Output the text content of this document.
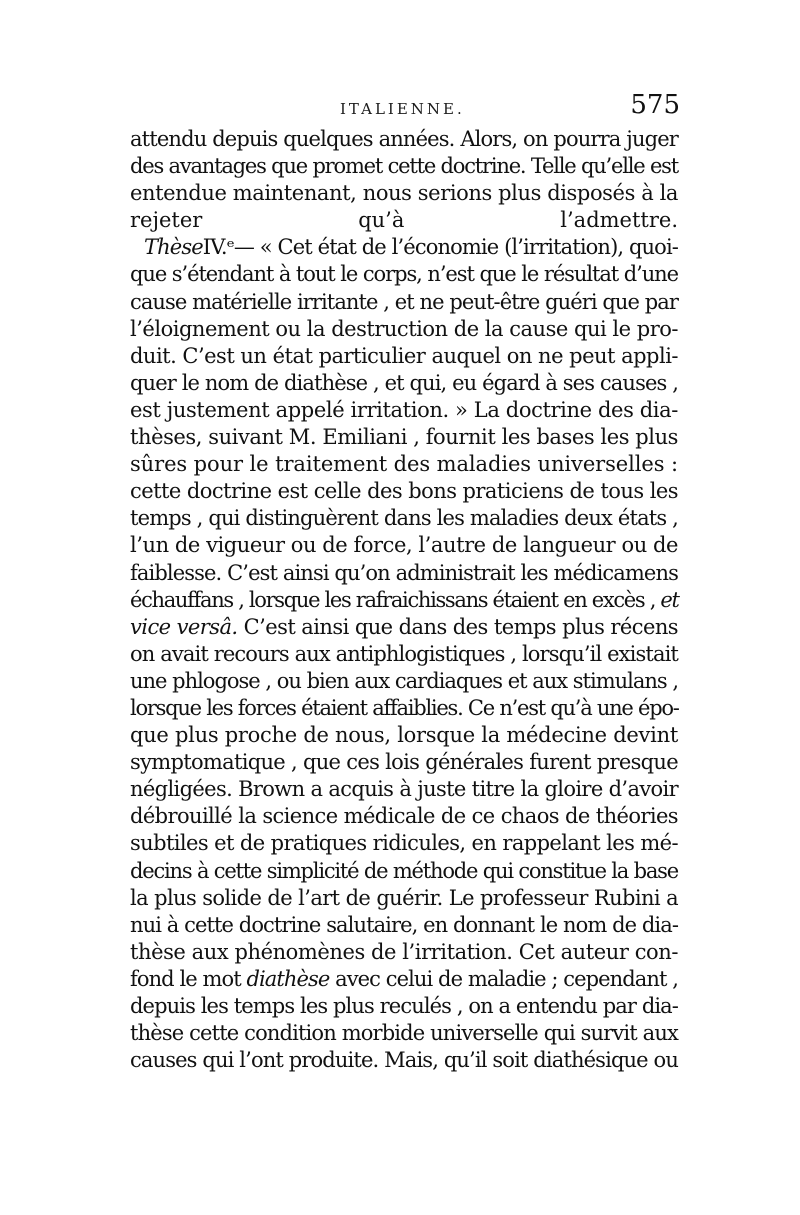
ITALIENNE.	575
attendu depuis quelques années. Alors, on pourra juger
des avantages que promet cette doctrine. Telle qu’elle est
entendue maintenant, nous serions plus disposés à la
rejeter qu’à l’admettre.
ThèseIV.ᵉ— « Cet état de l’économie (l’irritation), quoi-
que s’étendant à tout le corps, n’est que le résultat d’une
cause matérielle irritante , et ne peut-être guéri que par
l’éloignement ou la destruction de la cause qui le pro-
duit. C’est un état particulier auquel on ne peut appli-
quer le nom de diathèse , et qui, eu égard à ses causes ,
est justement appelé irritation. » La doctrine des dia-
thèses, suivant M. Emiliani , fournit les bases les plus
sûres pour le traitement des maladies universelles :
cette doctrine est celle des bons praticiens de tous les
temps , qui distinguèrent dans les maladies deux états ,
l’un de vigueur ou de force, l’autre de langueur ou de
faiblesse. C’est ainsi qu’on administrait les médicamens
échauffans , lorsque les rafraichissans étaient en excès , et
vice versâ. C’est ainsi que dans des temps plus récens
on avait recours aux antiphlogistiques , lorsqu’il existait
une phlogose , ou bien aux cardiaques et aux stimulans ,
lorsque les forces étaient affaiblies. Ce n’est qu’à une épo-
que plus proche de nous, lorsque la médecine devint
symptomatique , que ces lois générales furent presque
négligées. Brown a acquis à juste titre la gloire d’avoir
débrouillé la science médicale de ce chaos de théories
subtiles et de pratiques ridicules, en rappelant les mé-
decins à cette simplicité de méthode qui constitue la base
la plus solide de l’art de guérir. Le professeur Rubini a
nui à cette doctrine salutaire, en donnant le nom de dia-
thèse aux phénomènes de l’irritation. Cet auteur con-
fond le mot diathèse avec celui de maladie ; cependant ,
depuis les temps les plus reculés , on a entendu par dia-
thèse cette condition morbide universelle qui survit aux
causes qui l’ont produite. Mais, qu’il soit diathésique ou
